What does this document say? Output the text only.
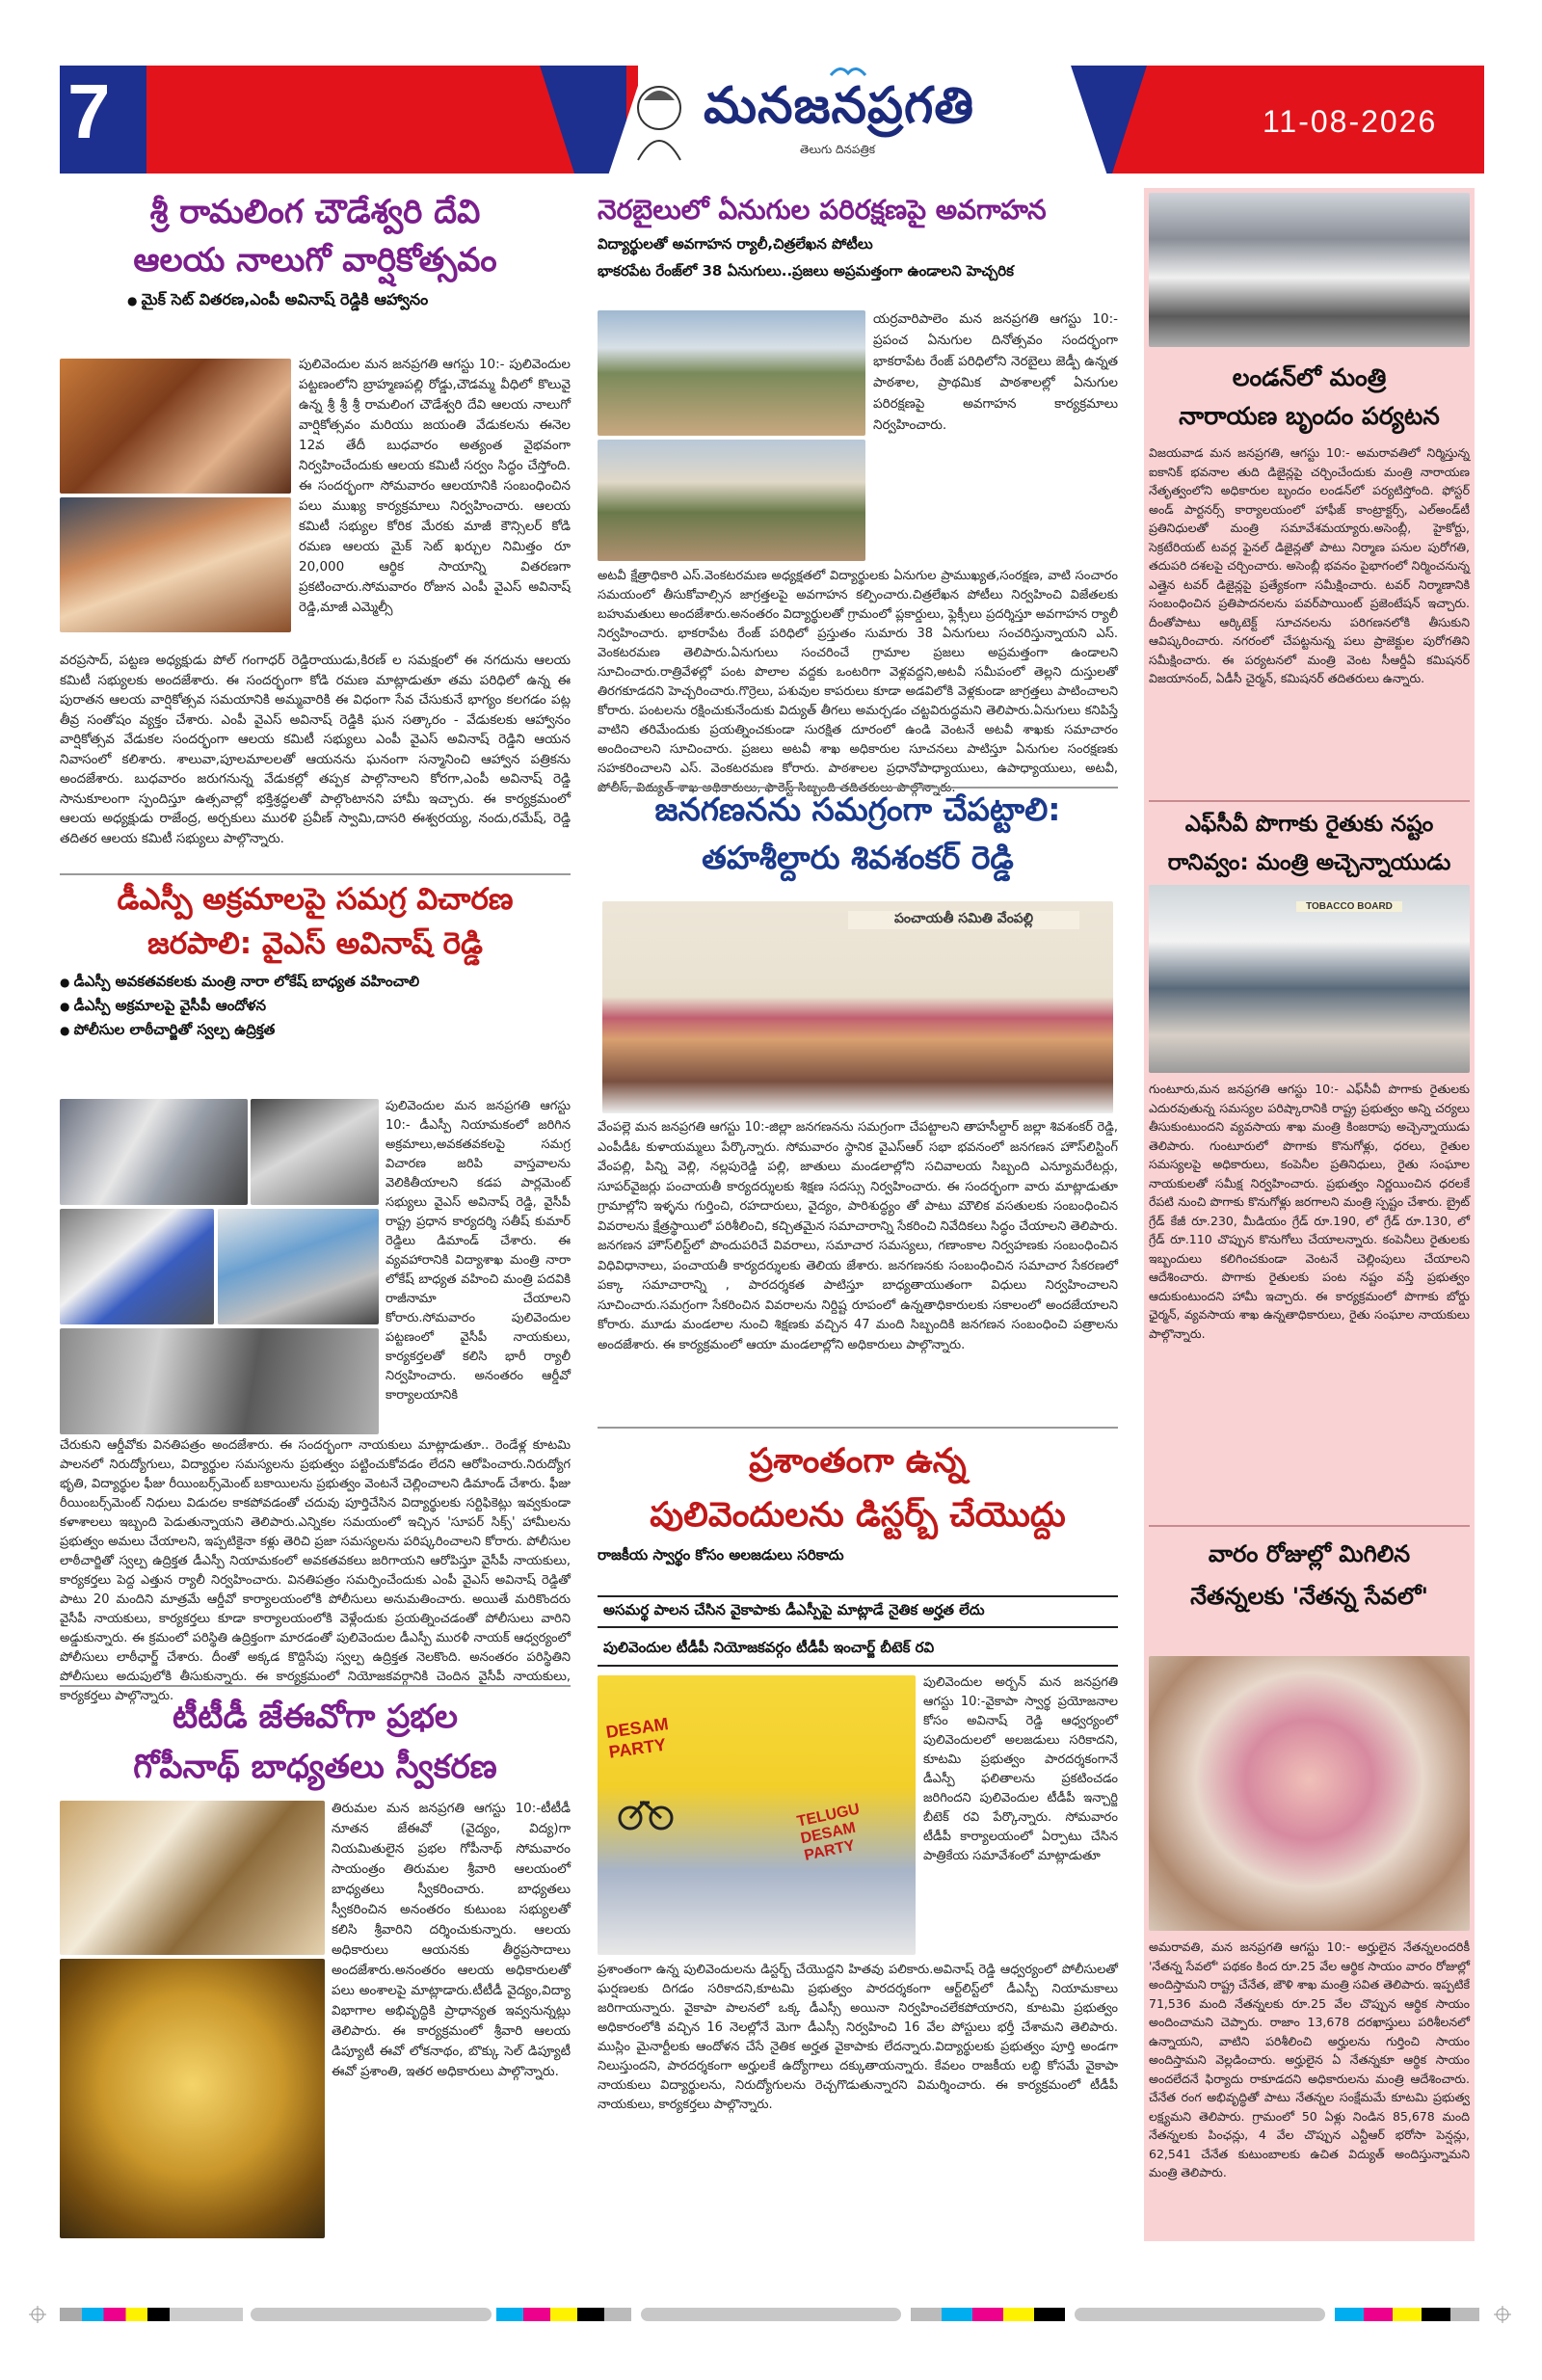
7	మనజనప్రగతి
తెలుగు దినపత్రిక
11-08-2026
శ్రీ రామలింగ చౌడేశ్వరి దేవి
ఆలయ నాలుగో వార్షికోత్సవం
● మైక్ సెట్ వితరణ,ఎంపీ అవినాష్ రెడ్డికి ఆహ్వానం
పులివెందుల మన జనప్రగతి ఆగస్టు 10:- పులివెందుల పట్టణంలోని బ్రాహ్మణపల్లి రోడ్డు,చౌడమ్మ వీధిలో కొలువై ఉన్న శ్రీ శ్రీ శ్రీ రామలింగ చౌడేశ్వరి దేవి ఆలయ నాలుగో వార్షికోత్సవం మరియు జయంతి వేడుకలను ఈనెల 12వ తేదీ బుధవారం అత్యంత వైభవంగా నిర్వహించేందుకు ఆలయ కమిటీ సర్వం సిద్ధం చేస్తోంది. ఈ సందర్భంగా సోమవారం ఆలయానికి సంబంధించిన పలు ముఖ్య కార్యక్రమాలు నిర్వహించారు. ఆలయ కమిటీ సభ్యుల కోరిక మేరకు మాజీ కౌన్సిలర్ కోడి రమణ ఆలయ మైక్ సెట్ ఖర్చుల నిమిత్తం రూ 20,000 ఆర్థిక సాయాన్ని వితరణగా ప్రకటించారు.సోమవారం రోజున ఎంపీ వైఎస్ అవినాష్ రెడ్డి,మాజీ ఎమ్మెల్సీ
వరప్రసాద్, పట్టణ అధ్యక్షుడు పోల్ గంగాధర్ రెడ్డిరాయుడు,కిరణ్ ల సమక్షంలో ఈ నగదును ఆలయ కమిటీ సభ్యులకు అందజేశారు. ఈ సందర్భంగా కోడి రమణ మాట్లాడుతూ తమ పరిధిలో ఉన్న ఈ పురాతన ఆలయ వార్షికోత్సవ సమయానికి అమ్మవారికి ఈ విధంగా సేవ చేసుకునే భాగ్యం కలగడం పట్ల తీవ్ర సంతోషం వ్యక్తం చేశారు. ఎంపీ వైఎస్ అవినాష్ రెడ్డికి ఘన సత్కారం - వేడుకలకు ఆహ్వానం వార్షికోత్సవ వేడుకల సందర్భంగా ఆలయ కమిటీ సభ్యులు ఎంపీ వైఎస్ అవినాష్ రెడ్డిని ఆయన నివాసంలో కలిశారు. శాలువా,పూలమాలలతో ఆయనను ఘనంగా సన్మానించి ఆహ్వాన పత్రికను అందజేశారు. బుధవారం జరుగనున్న వేడుకల్లో తప్పక పాల్గొనాలని కోరగా,ఎంపీ అవినాష్ రెడ్డి సానుకూలంగా స్పందిస్తూ ఉత్సవాల్లో భక్తిశ్రద్ధలతో పాల్గొంటానని హామీ ఇచ్చారు. ఈ కార్యక్రమంలో ఆలయ అధ్యక్షుడు రాజేంద్ర, అర్చకులు మురళి ప్రవీణ్ స్వామి,దాసరి ఈశ్వరయ్య, నందు,రమేష్, రెడ్డి తదితర ఆలయ కమిటీ సభ్యులు పాల్గొన్నారు.
డీఎస్పీ అక్రమాలపై సమగ్ర విచారణ
జరపాలి: వైఎస్ అవినాష్ రెడ్డి
● డీఎస్పీ అవకతవకలకు మంత్రి నారా లోకేష్ బాధ్యత వహించాలి
● డీఎస్పీ అక్రమాలపై వైసీపీ ఆందోళన
● పోలీసుల లాఠీచార్జితో స్వల్ప ఉద్రిక్తత
పులివెందుల మన జనప్రగతి ఆగస్టు 10:- డీఎస్పీ నియామకంలో జరిగిన అక్రమాలు,అవకతవకలపై సమగ్ర విచారణ జరిపి వాస్తవాలను వెలికితీయాలని కడప పార్లమెంట్ సభ్యులు వైఎస్ అవినాష్ రెడ్డి, వైసీపీ రాష్ట్ర ప్రధాన కార్యదర్శి సతీష్ కుమార్ రెడ్డిలు డిమాండ్ చేశారు. ఈ వ్యవహారానికి విద్యాశాఖ మంత్రి నారా లోకేష్ బాధ్యత వహించి మంత్రి పదవికి రాజీనామా చేయాలని కోరారు.సోమవారం పులివెందుల పట్టణంలో వైసీపీ నాయకులు, కార్యకర్తలతో కలిసి భారీ ర్యాలీ నిర్వహించారు. అనంతరం ఆర్డీవో కార్యాలయానికి
చేరుకుని ఆర్డీవోకు వినతిపత్రం అందజేశారు. ఈ సందర్భంగా నాయకులు మాట్లాడుతూ.. రెండేళ్ల కూటమి పాలనలో నిరుద్యోగులు, విద్యార్థుల సమస్యలను ప్రభుత్వం పట్టించుకోవడం లేదని ఆరోపించారు.నిరుద్యోగ భృతి, విద్యార్థుల ఫీజు రీయింబర్స్‌మెంట్ బకాయిలను ప్రభుత్వం వెంటనే చెల్లించాలని డిమాండ్ చేశారు. ఫీజు రీయింబర్స్‌మెంట్ నిధులు విడుదల కాకపోవడంతో చదువు పూర్తిచేసిన విద్యార్థులకు సర్టిఫికెట్లు ఇవ్వకుండా కళాశాలలు ఇబ్బంది పెడుతున్నాయని తెలిపారు.ఎన్నికల సమయంలో ఇచ్చిన 'సూపర్ సిక్స్' హామీలను ప్రభుత్వం అమలు చేయాలని, ఇప్పటికైనా కళ్లు తెరిచి ప్రజా సమస్యలను పరిష్కరించాలని కోరారు. పోలీసుల లాఠీచార్జితో స్వల్ప ఉద్రిక్తత డీఎస్పీ నియామకంలో అవకతవకలు జరిగాయని ఆరోపిస్తూ వైసీపీ నాయకులు, కార్యకర్తలు పెద్ద ఎత్తున ర్యాలీ నిర్వహించారు. వినతిపత్రం సమర్పించేందుకు ఎంపీ వైఎస్ అవినాష్ రెడ్డితో పాటు 20 మందిని మాత్రమే ఆర్డీవో కార్యాలయంలోకి పోలీసులు అనుమతించారు. అయితే మరికొందరు వైసీపీ నాయకులు, కార్యకర్తలు కూడా కార్యాలయంలోకి వెళ్లేందుకు ప్రయత్నించడంతో పోలీసులు వారిని అడ్డుకున్నారు. ఈ క్రమంలో పరిస్థితి ఉద్రిక్తంగా మారడంతో పులివెందుల డీఎస్పీ మురళీ నాయక్ ఆధ్వర్యంలో పోలీసులు లాఠీఛార్జ్ చేశారు. దీంతో అక్కడ కొద్దిసేపు స్వల్ప ఉద్రిక్తత నెలకొంది. అనంతరం పరిస్థితిని పోలీసులు అదుపులోకి తీసుకున్నారు. ఈ కార్యక్రమంలో నియోజకవర్గానికి చెందిన వైసీపీ నాయకులు, కార్యకర్తలు పాల్గొన్నారు.
టీటీడీ జేఈవోగా ప్రభల
గోపీనాథ్ బాధ్యతలు స్వీకరణ
తిరుమల మన జనప్రగతి ఆగస్టు 10:-టీటీడీ నూతన జేఈవో (వైద్యం, విద్య)గా నియమితులైన ప్రభల గోపీనాథ్ సోమవారం సాయంత్రం తిరుమల శ్రీవారి ఆలయంలో బాధ్యతలు స్వీకరించారు. బాధ్యతలు స్వీకరించిన అనంతరం కుటుంబ సభ్యులతో కలిసి శ్రీవారిని దర్శించుకున్నారు. ఆలయ అధికారులు ఆయనకు తీర్థప్రసాదాలు అందజేశారు.అనంతరం ఆలయ అధికారులతో పలు అంశాలపై మాట్లాడారు.టీటీడీ వైద్యం,విద్యా విభాగాల అభివృద్ధికి ప్రాధాన్యత ఇవ్వనున్నట్లు తెలిపారు. ఈ కార్యక్రమంలో శ్రీవారి ఆలయ డిప్యూటీ ఈవో లోకనాథం, బొక్కు సెల్ డిప్యూటీ ఈవో ప్రశాంతి, ఇతర అధికారులు పాల్గొన్నారు.
నెరబైలులో ఏనుగుల పరిరక్షణపై అవగాహన
విద్యార్థులతో అవగాహన ర్యాలీ,చిత్రలేఖన పోటీలు
భాకరపేట రేంజ్‌లో 38 ఏనుగులు..ప్రజలు అప్రమత్తంగా ఉండాలని హెచ్చరిక
యర్రవారిపాలెం మన జనప్రగతి ఆగస్టు 10:-ప్రపంచ ఏనుగుల దినోత్సవం సందర్భంగా భాకరాపేట రేంజ్ పరిధిలోని నెరబైలు జెడ్పీ ఉన్నత పాఠశాల, ప్రాథమిక పాఠశాలల్లో ఏనుగుల పరిరక్షణపై అవగాహన కార్యక్రమాలు నిర్వహించారు.
అటవీ క్షేత్రాధికారి ఎస్.వెంకటరమణ అధ్యక్షతలో విద్యార్థులకు ఏనుగుల ప్రాముఖ్యత,సంరక్షణ, వాటి సంచారం సమయంలో తీసుకోవాల్సిన జాగ్రత్తలపై అవగాహన కల్పించారు.చిత్రలేఖన పోటీలు నిర్వహించి విజేతలకు బహుమతులు అందజేశారు.అనంతరం విద్యార్థులతో గ్రామంలో ప్లకార్డులు, ఫ్లెక్సీలు ప్రదర్శిస్తూ అవగాహన ర్యాలీ నిర్వహించారు. భాకరాపేట రేంజ్ పరిధిలో ప్రస్తుతం సుమారు 38 ఏనుగులు సంచరిస్తున్నాయని ఎస్. వెంకటరమణ తెలిపారు.ఏనుగులు సంచరించే గ్రామాల ప్రజలు అప్రమత్తంగా ఉండాలని సూచించారు.రాత్రివేళల్లో పంట పొలాల వద్దకు ఒంటరిగా వెళ్లవద్దని,అటవీ సమీపంలో తెల్లని దుస్తులతో తిరగకూడదని హెచ్చరించారు.గొర్రెలు, పశువుల కాపరులు కూడా అడవిలోకి వెళ్లకుండా జాగ్రత్తలు పాటించాలని కోరారు. పంటలను రక్షించుకునేందుకు విద్యుత్ తీగలు అమర్చడం చట్టవిరుద్ధమని తెలిపారు.ఏనుగులు కనిపిస్తే వాటిని తరిమేందుకు ప్రయత్నించకుండా సురక్షిత దూరంలో ఉండి వెంటనే అటవీ శాఖకు సమాచారం అందించాలని సూచించారు. ప్రజలు అటవీ శాఖ అధికారుల సూచనలు పాటిస్తూ ఏనుగుల సంరక్షణకు సహకరించాలని ఎస్. వెంకటరమణ కోరారు. పాఠశాలల ప్రధానోపాధ్యాయులు, ఉపాధ్యాయులు, అటవీ,
జనగణనను సమగ్రంగా చేపట్టాలి:
తహశీల్దారు శివశంకర్ రెడ్డి
పంచాయతీ సమితి వేంపల్లి
వేంపల్లె మన జనప్రగతి ఆగస్టు 10:-జిల్లా జనగణనను సమగ్రంగా చేపట్టాలని తాహసీల్దార్ జల్లా శివశంకర్ రెడ్డి, ఎంపీడీఓ కుళాయమ్మలు పేర్కొన్నారు. సోమవారం స్థానిక వైఎస్ఆర్ సభా భవనంలో జనగణన హౌస్‌లిస్టింగ్ వేంపల్లి, పిన్ని వెల్లి, నల్లపురెడ్డి పల్లి, జాతులు మండలాల్లోని సచివాలయ సిబ్బంది ఎన్యూమరేటర్లు, సూపర్‌వైజర్లు పంచాయతీ కార్యదర్శులకు శిక్షణ సదస్సు నిర్వహించారు. ఈ సందర్భంగా వారు మాట్లాడుతూ గ్రామాల్లోని ఇళ్ళను గుర్తించి, రహదారులు, వైద్యం, పారిశుద్ధ్యం తో పాటు మౌలిక వసతులకు సంబంధించిన వివరాలను క్షేత్రస్థాయిలో పరిశీలించి, కచ్చితమైన సమాచారాన్ని సేకరించి నివేదికలు సిద్ధం చేయాలని తెలిపారు. జనగణన హౌస్‌లిస్ట్‌లో పొందుపరిచే వివరాలు, సమాచార సమస్యలు, గణాంకాల నిర్వహణకు సంబంధించిన విధివిధానాలు, పంచాయతీ కార్యదర్శులకు తెలియ జేశారు. జనగణనకు సంబంధించిన సమాచార సేకరణలో పక్కా సమాచారాన్ని , పారదర్శకత పాటిస్తూ బాధ్యతాయుతంగా విధులు నిర్వహించాలని సూచించారు.సమగ్రంగా సేకరించిన వివరాలను నిర్దిష్ట రూపంలో ఉన్నతాధికారులకు సకాలంలో అందజేయాలని కోరారు. మూడు మండలాల నుంచి శిక్షణకు వచ్చిన 47 మంది సిబ్బందికి జనగణన సంబంధించి పత్రాలను అందజేశారు. ఈ కార్యక్రమంలో ఆయా మండలాల్లోని అధికారులు పాల్గొన్నారు.
ప్రశాంతంగా ఉన్న
పులివెందులను డిస్టర్బ్ చేయొద్దు
రాజకీయ స్వార్థం కోసం అలజడులు సరికాదు
అసమర్థ పాలన చేసిన వైకాపాకు డీఎస్పీపై మాట్లాడే నైతిక అర్హత లేదు
పులివెందుల టీడీపీ నియోజకవర్గం టీడీపీ ఇంచార్జ్ బీటెక్ రవి
DESAM PARTY
TELUGU DESAM PARTY
పులివెందుల అర్బన్ మన జనప్రగతి ఆగస్టు 10:-వైకాపా స్వార్థ ప్రయోజనాల కోసం అవినాష్ రెడ్డి ఆధ్వర్యంలో పులివెందులలో అలజడులు సరికాదని, కూటమి ప్రభుత్వం పారదర్శకంగానే డీఎస్పీ ఫలితాలను ప్రకటించడం జరిగిందని పులివెందుల టీడీపీ ఇన్చార్జి బీటెక్ రవి పేర్కొన్నారు. సోమవారం టీడీపీ కార్యాలయంలో ఏర్పాటు చేసిన పాత్రికేయ సమావేశంలో మాట్లాడుతూ
ప్రశాంతంగా ఉన్న పులివెందులను డిస్టర్బ్ చేయొద్దని హితవు పలికారు.అవినాష్ రెడ్డి ఆధ్వర్యంలో పోలీసులతో ఘర్షణలకు దిగడం సరికాదని,కూటమి ప్రభుత్వం పారదర్శకంగా ఆర్ట్‌లిస్ట్‌లో డీఎస్పీ నియామకాలు జరిగాయన్నారు. వైకాపా పాలనలో ఒక్క డీఎస్సీ అయినా నిర్వహించలేకపోయారని, కూటమి ప్రభుత్వం అధికారంలోకి వచ్చిన 16 నెలల్లోనే మెగా డీఎస్సీ నిర్వహించి 16 వేల పోస్టులు భర్తీ చేశామని తెలిపారు. ముస్లిం మైనార్టీలకు ఆందోళన చేసే నైతిక అర్హత వైకాపాకు లేదన్నారు.విద్యార్థులకు ప్రభుత్వం పూర్తి అండగా నిలుస్తుందని, పారదర్శకంగా అర్హులకే ఉద్యోగాలు దక్కుతాయన్నారు. కేవలం రాజకీయ లబ్ధి కోసమే వైకాపా నాయకులు విద్యార్థులను, నిరుద్యోగులను రెచ్చగొడుతున్నారని విమర్శించారు. ఈ కార్యక్రమంలో టీడీపీ నాయకులు, కార్యకర్తలు పాల్గొన్నారు.
లండన్‌లో మంత్రి
నారాయణ బృందం పర్యటన
విజయవాడ మన జనప్రగతి, ఆగస్టు 10:- అమరావతిలో నిర్మిస్తున్న ఐకానిక్ భవనాల తుది డిజైన్లపై చర్చించేందుకు మంత్రి నారాయణ నేతృత్వంలోని అధికారుల బృందం లండన్‌లో పర్యటిస్తోంది. ఫోస్టర్ అండ్ పార్టనర్స్ కార్యాలయంలో హాఫీజ్ కాంట్రాక్టర్స్, ఎల్‌అండ్‌టీ ప్రతినిధులతో మంత్రి సమావేశమయ్యారు.అసెంబ్లీ, హైకోర్టు, సెక్రటేరియట్ టవర్ల ఫైనల్ డిజైన్లతో పాటు నిర్మాణ పనుల పురోగతి, తదుపరి దశలపై చర్చించారు. అసెంబ్లీ భవనం పైభాగంలో నిర్మించనున్న ఎత్తైన టవర్ డిజైన్లపై ప్రత్యేకంగా సమీక్షించారు. టవర్ నిర్మాణానికి సంబంధించిన ప్రతిపాదనలను పవర్‌పాయింట్ ప్రజెంటేషన్ ఇచ్చారు. దీంతోపాటు ఆర్కిటెక్ట్ సూచనలను పరిగణనలోకి తీసుకుని ఆవిష్కరించారు. నగరంలో చేపట్టనున్న పలు ప్రాజెక్టుల పురోగతిని సమీక్షించారు. ఈ పర్యటనలో మంత్రి వెంట సీఆర్డీఏ కమిషనర్ విజయానంద్, ఏడీసీ చైర్మన్, కమిషనర్ తదితరులు ఉన్నారు.
ఎఫ్‌సీవీ పొగాకు రైతుకు నష్టం
రానివ్వం: మంత్రి అచ్చెన్నాయుడు
TOBACCO BOARD
గుంటూరు,మన జనప్రగతి ఆగస్టు 10:- ఎఫ్‌సీవీ పొగాకు రైతులకు ఎదురవుతున్న సమస్యల పరిష్కారానికి రాష్ట్ర ప్రభుత్వం అన్ని చర్యలు తీసుకుంటుందని వ్యవసాయ శాఖ మంత్రి కింజరాపు అచ్చెన్నాయుడు తెలిపారు. గుంటూరులో పొగాకు కొనుగోళ్లు, ధరలు, రైతుల సమస్యలపై అధికారులు, కంపెనీల ప్రతినిధులు, రైతు సంఘాల నాయకులతో సమీక్ష నిర్వహించారు. ప్రభుత్వం నిర్ణయించిన ధరలకే రేపటి నుంచి పొగాకు కొనుగోళ్లు జరగాలని మంత్రి స్పష్టం చేశారు. బ్రైట్ గ్రేడ్ కేజీ రూ.230, మీడియం గ్రేడ్ రూ.190, లో గ్రేడ్ రూ.130, లో గ్రేడ్ రూ.110 చొప్పున కొనుగోలు చేయాలన్నారు. కంపెనీలు రైతులకు ఇబ్బందులు కలిగించకుండా వెంటనే చెల్లింపులు చేయాలని ఆదేశించారు. పొగాకు రైతులకు పంట నష్టం వస్తే ప్రభుత్వం ఆదుకుంటుందని హామీ ఇచ్చారు. ఈ కార్యక్రమంలో పొగాకు బోర్డు ఛైర్మన్, వ్యవసాయ శాఖ ఉన్నతాధికారులు, రైతు సంఘాల నాయకులు పాల్గొన్నారు.
వారం రోజుల్లో మిగిలిన
నేతన్నలకు 'నేతన్న సేవలో'
అమరావతి, మన జనప్రగతి ఆగస్టు 10:- అర్హులైన నేతన్నలందరికీ 'నేతన్న సేవలో' పథకం కింద రూ.25 వేల ఆర్థిక సాయం వారం రోజుల్లో అందిస్తామని రాష్ట్ర చేనేత, జౌళి శాఖ మంత్రి సవిత తెలిపారు. ఇప్పటికే 71,536 మంది నేతన్నలకు రూ.25 వేల చొప్పున ఆర్థిక సాయం అందించామని చెప్పారు. రాజాం 13,678 దరఖాస్తులు పరిశీలనలో ఉన్నాయని, వాటిని పరిశీలించి అర్హులను గుర్తించి సాయం అందిస్తామని వెల్లడించారు. అర్హులైన ఏ నేతన్నకూ ఆర్థిక సాయం అందలేదనే ఫిర్యాదు రాకూడదని అధికారులను మంత్రి ఆదేశించారు. చేనేత రంగ అభివృద్ధితో పాటు నేతన్నల సంక్షేమమే కూటమి ప్రభుత్వ లక్ష్యమని తెలిపారు. గ్రామంలో 50 ఏళ్లు నిండిన 85,678 మంది నేతన్నలకు పింఛన్లు, 4 వేల చొప్పున ఎన్టీఆర్ భరోసా పెన్షన్లు, 62,541 చేనేత కుటుంబాలకు ఉచిత విద్యుత్ అందిస్తున్నామని మంత్రి తెలిపారు.
